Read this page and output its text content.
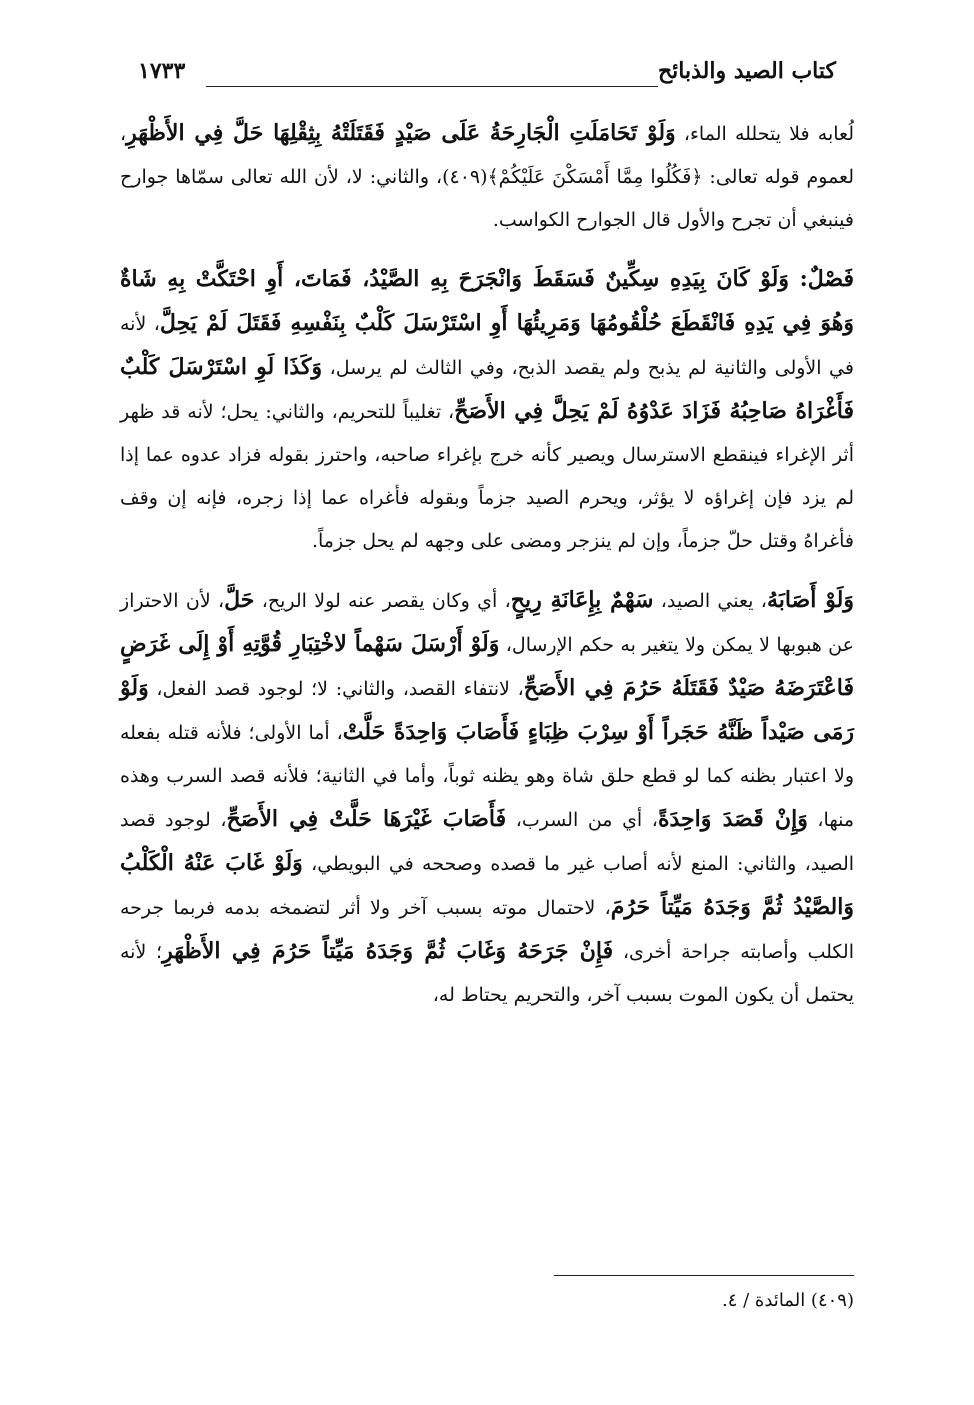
كتاب الصيد والذبائح
١٧٣٣

لُعابه فلا يتحلله الماء، وَلَوْ تَحَامَلَتِ الْجَارِحَةُ عَلَى صَيْدٍ فَقَتَلَتْهُ بِثِقْلِهَا حَلَّ فِي الأَظْهَرِ، لعموم قوله تعالى: ﴿فَكُلُوا مِمَّا أَمْسَكْنَ عَلَيْكُمْ﴾(٤٠٩)، والثاني: لا، لأن الله تعالى سمّاها جوارح فينبغي أن تجرح والأول قال الجوارح الكواسب.

فَصْلٌ: وَلَوْ كَانَ بِيَدِهِ سِكِّينٌ فَسَقَطَ وَانْجَرَحَ بِهِ الصَّيْدُ، فَمَاتَ، أَوِ احْتَكَّتْ بِهِ شَاةٌ وَهُوَ فِي يَدِهِ فَانْقَطَعَ حُلْقُومُهَا وَمَرِيئُهَا أَوِ اسْتَرْسَلَ كَلْبٌ بِنَفْسِهِ فَقَتَلَ لَمْ يَحِلَّ، لأنه في الأولى والثانية لم يذبح ولم يقصد الذبح، وفي الثالث لم يرسل، وَكَذَا لَوِ اسْتَرْسَلَ كَلْبٌ فَأَغْرَاهُ صَاحِبُهُ فَزَادَ عَدْوُهُ لَمْ يَحِلَّ فِي الأَصَحِّ، تغليباً للتحريم، والثاني: يحل؛ لأنه قد ظهر أثر الإغراء فينقطع الاسترسال ويصير كأنه خرج بإغراء صاحبه، واحترز بقوله فزاد عدوه عما إذا لم يزد فإن إغراؤه لا يؤثر، ويحرم الصيد جزماً وبقوله فأغراه عما إذا زجره، فإنه إن وقف فأغراهُ وقتل حلّ جزماً، وإن لم ينزجر ومضى على وجهه لم يحل جزماً.

وَلَوْ أَصَابَهُ، يعني الصيد، سَهْمٌ بِإِعَانَةِ رِيحٍ، أي وكان يقصر عنه لولا الريح، حَلَّ، لأن الاحتراز عن هبوبها لا يمكن ولا يتغير به حكم الإرسال، وَلَوْ أَرْسَلَ سَهْماً لاخْتِبَارِ قُوَّتِهِ أَوْ إِلَى غَرَضٍ فَاعْتَرَضَهُ صَيْدٌ فَقَتَلَهُ حَرُمَ فِي الأَصَحِّ، لانتفاء القصد، والثاني: لا؛ لوجود قصد الفعل، وَلَوْ رَمَى صَيْداً ظَنَّهُ حَجَراً أَوْ سِرْبَ ظِبَاءٍ فَأَصَابَ وَاحِدَةً حَلَّتْ، أما الأولى؛ فلأنه قتله بفعله ولا اعتبار بظنه كما لو قطع حلق شاة وهو يظنه ثوباً، وأما في الثانية؛ فلأنه قصد السرب وهذه منها، وَإِنْ قَصَدَ وَاحِدَةً، أي من السرب، فَأَصَابَ غَيْرَهَا حَلَّتْ فِي الأَصَحِّ، لوجود قصد الصيد، والثاني: المنع لأنه أصاب غير ما قصده وصححه في البويطي، وَلَوْ غَابَ عَنْهُ الْكَلْبُ وَالصَّيْدُ ثُمَّ وَجَدَهُ مَيِّتاً حَرُمَ، لاحتمال موته بسبب آخر ولا أثر لتضمخه بدمه فربما جرحه الكلب وأصابته جراحة أخرى، فَإِنْ جَرَحَهُ وَغَابَ ثُمَّ وَجَدَهُ مَيِّتاً حَرُمَ فِي الأَظْهَرِ؛ لأنه يحتمل أن يكون الموت بسبب آخر، والتحريم يحتاط له،

(٤٠٩) المائدة / ٤.
